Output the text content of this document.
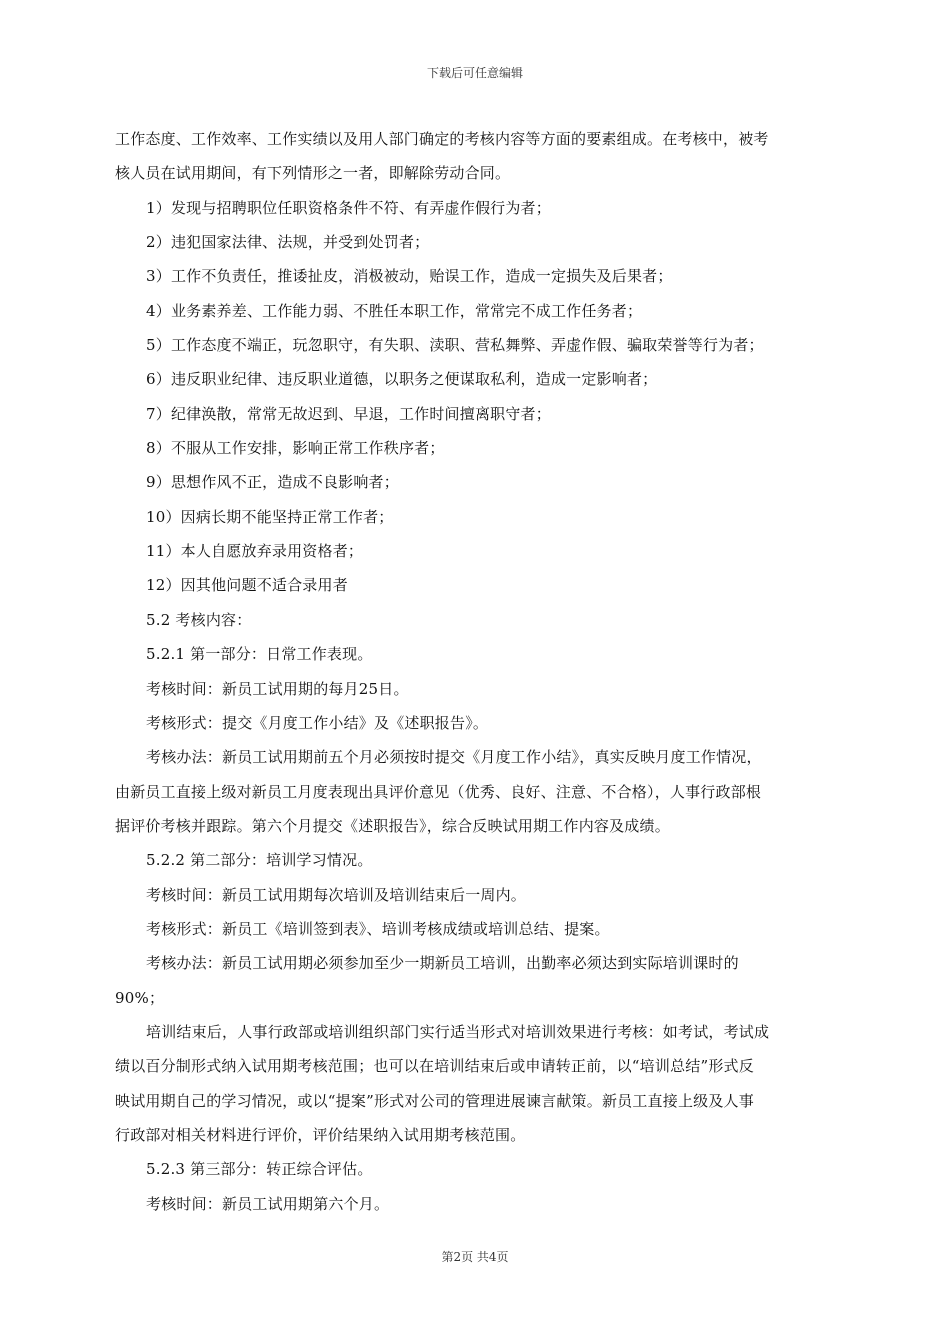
下载后可任意编辑
工作态度、工作效率、工作实绩以及用人部门确定的考核内容等方面的要素组成。在考核中，被考
核人员在试用期间，有下列情形之一者，即解除劳动合同。
1）发现与招聘职位任职资格条件不符、有弄虚作假行为者；
2）违犯国家法律、法规，并受到处罚者；
3）工作不负责任，推诿扯皮，消极被动，贻误工作，造成一定损失及后果者；
4）业务素养差、工作能力弱、不胜任本职工作，常常完不成工作任务者；
5）工作态度不端正，玩忽职守，有失职、渎职、营私舞弊、弄虚作假、骗取荣誉等行为者；
6）违反职业纪律、违反职业道德，以职务之便谋取私利，造成一定影响者；
7）纪律涣散，常常无故迟到、早退，工作时间擅离职守者；
8）不服从工作安排，影响正常工作秩序者；
9）思想作风不正，造成不良影响者；
10）因病长期不能坚持正常工作者；
11）本人自愿放弃录用资格者；
12）因其他问题不适合录用者
5.2 考核内容：
5.2.1 第一部分：日常工作表现。
考核时间：新员工试用期的每月25日。
考核形式：提交《月度工作小结》及《述职报告》。
考核办法：新员工试用期前五个月必须按时提交《月度工作小结》，真实反映月度工作情况，
由新员工直接上级对新员工月度表现出具评价意见（优秀、良好、注意、不合格），人事行政部根
据评价考核并跟踪。第六个月提交《述职报告》，综合反映试用期工作内容及成绩。
5.2.2 第二部分：培训学习情况。
考核时间：新员工试用期每次培训及培训结束后一周内。
考核形式：新员工《培训签到表》、培训考核成绩或培训总结、提案。
考核办法：新员工试用期必须参加至少一期新员工培训，出勤率必须达到实际培训课时的
90%；
培训结束后，人事行政部或培训组织部门实行适当形式对培训效果进行考核：如考试，考试成
绩以百分制形式纳入试用期考核范围；也可以在培训结束后或申请转正前，以“培训总结”形式反
映试用期自己的学习情况，或以“提案”形式对公司的管理进展谏言献策。新员工直接上级及人事
行政部对相关材料进行评价，评价结果纳入试用期考核范围。
5.2.3 第三部分：转正综合评估。
考核时间：新员工试用期第六个月。
第2页 共4页
